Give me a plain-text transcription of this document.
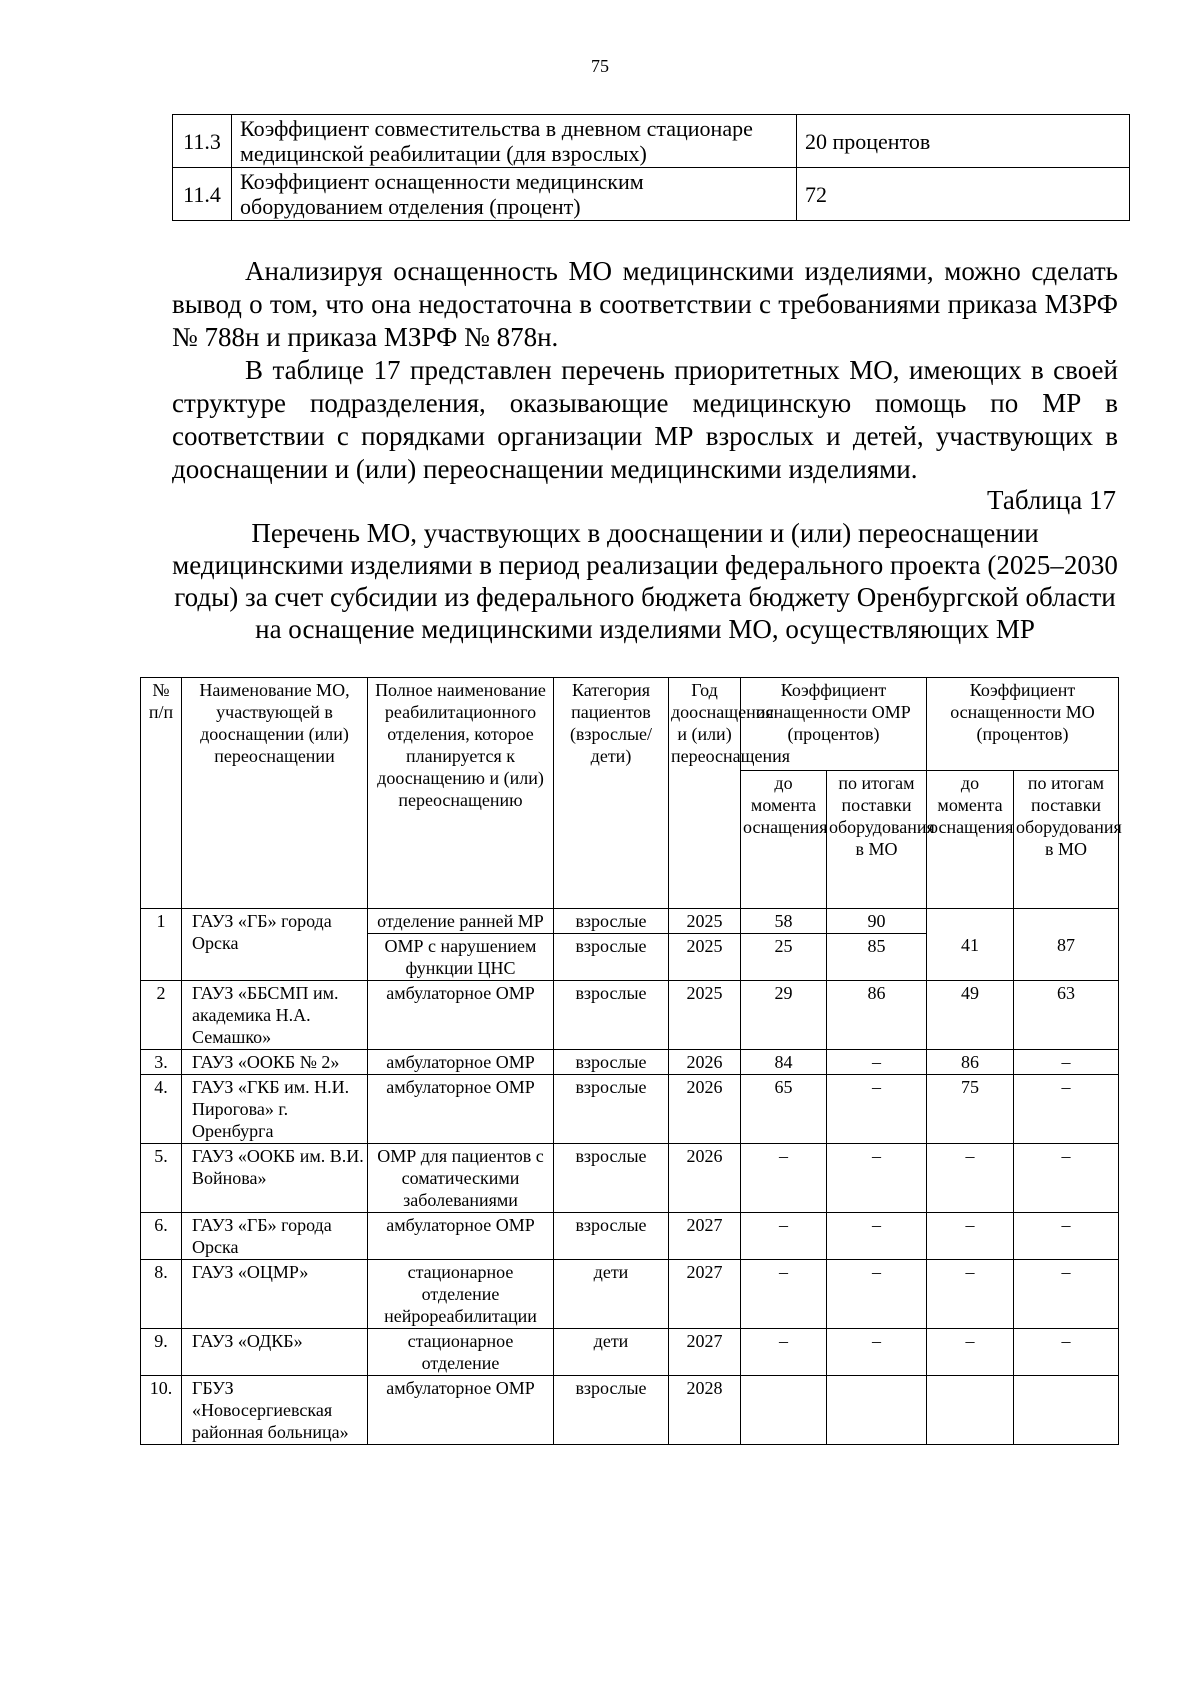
75
11.3	Коэффициент совместительства в дневном стационаре медицинской реабилитации (для взрослых)	20 процентов
11.4	Коэффициент оснащенности медицинским оборудованием отделения (процент)	72

Анализируя оснащенность МО медицинскими изделиями, можно сделать вывод о том, что она недостаточна в соответствии с требованиями приказа МЗРФ № 788н и приказа МЗРФ № 878н.

В таблице 17 представлен перечень приоритетных МО, имеющих в своей структуре подразделения, оказывающие медицинскую помощь по МР в соответствии с порядками организации МР взрослых и детей, участвующих в дооснащении и (или) переоснащении медицинскими изделиями.

Таблица 17
Перечень МО, участвующих в дооснащении и (или) переоснащении медицинскими изделиями в период реализации федерального проекта (2025–2030 годы) за счет субсидии из федерального бюджета бюджету Оренбургской области на оснащение медицинскими изделиями МО, осуществляющих МР
№ п/п	Наименование МО, участвующей в дооснащении (или) переоснащении	Полное наименование реабилитационного отделения, которое планируется к дооснащению и (или) переоснащению	Категория пациентов (взрослые/ дети)	Год дооснащения и (или) переоснащения	Коэффициент оснащенности ОМР (процентов)		Коэффициент оснащенности МО (процентов)	
					до момента оснащения	по итогам поставки оборудования в МО	до момента оснащения	по итогам поставки оборудования в МО
1	ГАУЗ «ГБ» города Орска	отделение ранней МР	взрослые	2025	58	90	41	87
		ОМР с нарушением функции ЦНС	взрослые	2025	25	85		
2	ГАУЗ «ББСМП им. академика Н.А. Семашко»	амбулаторное ОМР	взрослые	2025	29	86	49	63
3.	ГАУЗ «ООКБ № 2»	амбулаторное ОМР	взрослые	2026	84	–	86	–
4.	ГАУЗ «ГКБ им. Н.И. Пирогова» г. Оренбурга	амбулаторное ОМР	взрослые	2026	65	–	75	–
5.	ГАУЗ «ООКБ им. В.И. Войнова»	ОМР для пациентов с соматическими заболеваниями	взрослые	2026	–	–	–	–
6.	ГАУЗ «ГБ» города Орска	амбулаторное ОМР	взрослые	2027	–	–	–	–
8.	ГАУЗ «ОЦМР»	стационарное отделение нейрореабилитации	дети	2027	–	–	–	–
9.	ГАУЗ «ОДКБ»	стационарное отделение	дети	2027	–	–	–	–
10.	ГБУЗ «Новосергиевская районная больница»	амбулаторное ОМР	взрослые	2028				
